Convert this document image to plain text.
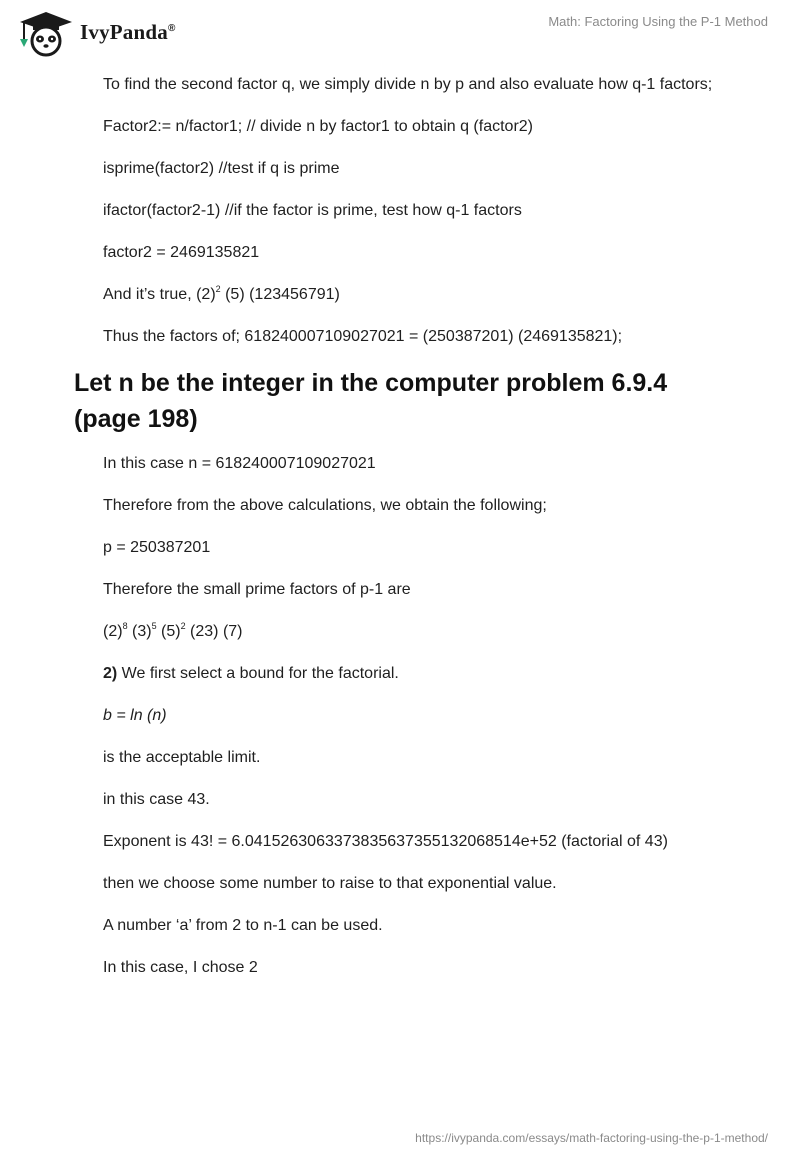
IvyPanda®	Math: Factoring Using the P-1 Method

To find the second factor q, we simply divide n by p and also evaluate how q-1 factors;

Factor2:= n/factor1; // divide n by factor1 to obtain q (factor2)

isprime(factor2) //test if q is prime

ifactor(factor2-1) //if the factor is prime, test how q-1 factors

factor2 = 2469135821

And it’s true, $(2)^2$ (5) (123456791)

Thus the factors of; 618240007109027021 = (250387201) (2469135821);

Let n be the integer in the computer problem 6.9.4 (page 198)

In this case n = 618240007109027021

Therefore from the above calculations, we obtain the following;

p = 250387201

Therefore the small prime factors of p-1 are

$(2)^8$ $(3)^5$ $(5)^2$ (23) (7)

2) We first select a bound for the factorial.

b = ln (n)

is the acceptable limit.

in this case 43.

Exponent is 43! = 6.0415263063373835637355132068514e+52 (factorial of 43)

then we choose some number to raise to that exponential value.

A number ‘a’ from 2 to n-1 can be used.

In this case, I chose 2

https://ivypanda.com/essays/math-factoring-using-the-p-1-method/
